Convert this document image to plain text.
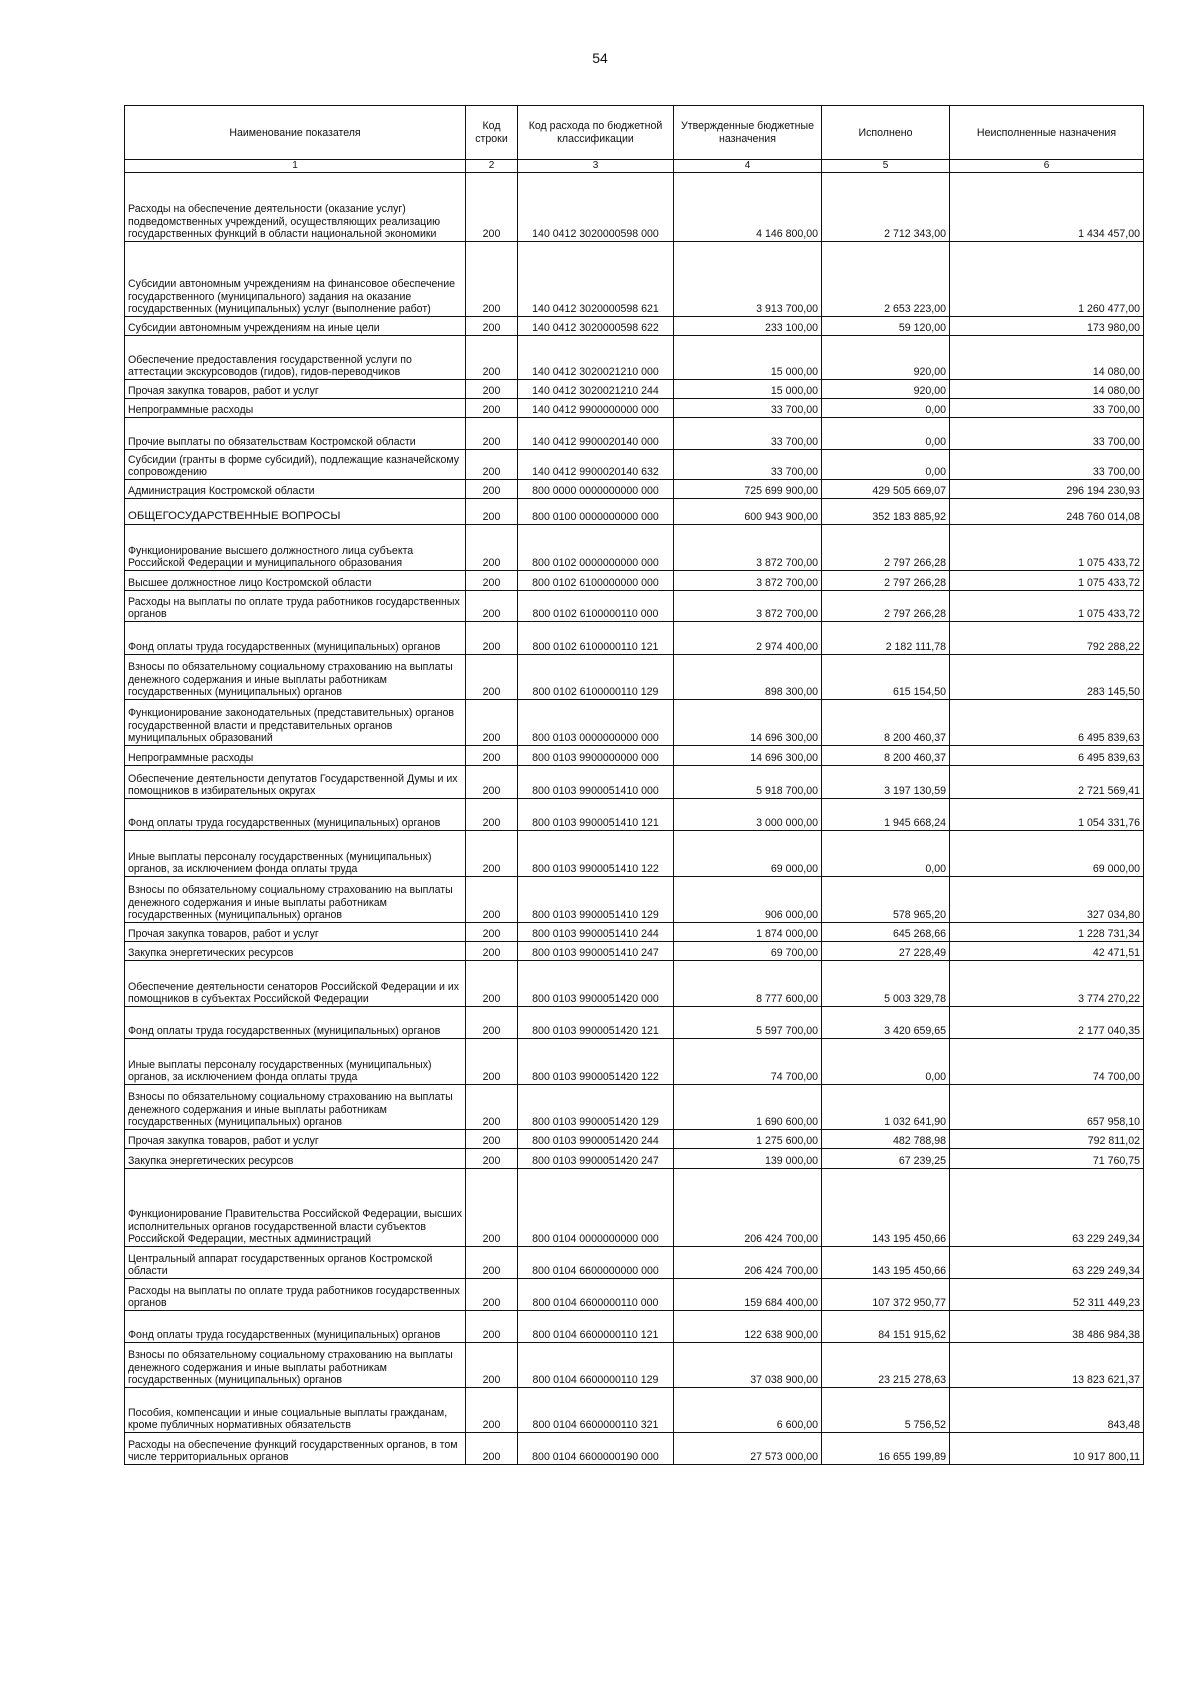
54
Наименование показателя	Код строки	Код расхода по бюджетной классификации	Утвержденные бюджетные назначения	Исполнено	Неисполненные назначения
1	2	3	4	5	6
Расходы на обеспечение деятельности (оказание услуг) подведомственных учреждений, осуществляющих реализацию государственных функций в области национальной экономики	200	140 0412 3020000598 000	4 146 800,00	2 712 343,00	1 434 457,00
Субсидии автономным учреждениям на финансовое обеспечение государственного (муниципального) задания на оказание государственных (муниципальных) услуг (выполнение работ)	200	140 0412 3020000598 621	3 913 700,00	2 653 223,00	1 260 477,00
Субсидии автономным учреждениям на иные цели	200	140 0412 3020000598 622	233 100,00	59 120,00	173 980,00
Обеспечение предоставления государственной услуги по аттестации экскурсоводов (гидов), гидов-переводчиков	200	140 0412 3020021210 000	15 000,00	920,00	14 080,00
Прочая закупка товаров, работ и услуг	200	140 0412 3020021210 244	15 000,00	920,00	14 080,00
Непрограммные расходы	200	140 0412 9900000000 000	33 700,00	0,00	33 700,00
Прочие выплаты по обязательствам Костромской области	200	140 0412 9900020140 000	33 700,00	0,00	33 700,00
Субсидии (гранты в форме субсидий), подлежащие казначейскому сопровождению	200	140 0412 9900020140 632	33 700,00	0,00	33 700,00
Администрация Костромской области	200	800 0000 0000000000 000	725 699 900,00	429 505 669,07	296 194 230,93
ОБЩЕГОСУДАРСТВЕННЫЕ ВОПРОСЫ	200	800 0100 0000000000 000	600 943 900,00	352 183 885,92	248 760 014,08
Функционирование высшего должностного лица субъекта Российской Федерации и муниципального образования	200	800 0102 0000000000 000	3 872 700,00	2 797 266,28	1 075 433,72
Высшее должностное лицо Костромской области	200	800 0102 6100000000 000	3 872 700,00	2 797 266,28	1 075 433,72
Расходы на выплаты по оплате труда работников государственных органов	200	800 0102 6100000110 000	3 872 700,00	2 797 266,28	1 075 433,72
Фонд оплаты труда государственных (муниципальных) органов	200	800 0102 6100000110 121	2 974 400,00	2 182 111,78	792 288,22
Взносы по обязательному социальному страхованию на выплаты денежного содержания и иные выплаты работникам государственных (муниципальных) органов	200	800 0102 6100000110 129	898 300,00	615 154,50	283 145,50
Функционирование законодательных (представительных) органов государственной власти и представительных органов муниципальных образований	200	800 0103 0000000000 000	14 696 300,00	8 200 460,37	6 495 839,63
Непрограммные расходы	200	800 0103 9900000000 000	14 696 300,00	8 200 460,37	6 495 839,63
Обеспечение деятельности депутатов Государственной Думы и их помощников в избирательных округах	200	800 0103 9900051410 000	5 918 700,00	3 197 130,59	2 721 569,41
Фонд оплаты труда государственных (муниципальных) органов	200	800 0103 9900051410 121	3 000 000,00	1 945 668,24	1 054 331,76
Иные выплаты персоналу государственных (муниципальных) органов, за исключением фонда оплаты труда	200	800 0103 9900051410 122	69 000,00	0,00	69 000,00
Взносы по обязательному социальному страхованию на выплаты денежного содержания и иные выплаты работникам государственных (муниципальных) органов	200	800 0103 9900051410 129	906 000,00	578 965,20	327 034,80
Прочая закупка товаров, работ и услуг	200	800 0103 9900051410 244	1 874 000,00	645 268,66	1 228 731,34
Закупка энергетических ресурсов	200	800 0103 9900051410 247	69 700,00	27 228,49	42 471,51
Обеспечение деятельности сенаторов Российской Федерации и их помощников в субъектах Российской Федерации	200	800 0103 9900051420 000	8 777 600,00	5 003 329,78	3 774 270,22
Фонд оплаты труда государственных (муниципальных) органов	200	800 0103 9900051420 121	5 597 700,00	3 420 659,65	2 177 040,35
Иные выплаты персоналу государственных (муниципальных) органов, за исключением фонда оплаты труда	200	800 0103 9900051420 122	74 700,00	0,00	74 700,00
Взносы по обязательному социальному страхованию на выплаты денежного содержания и иные выплаты работникам государственных (муниципальных) органов	200	800 0103 9900051420 129	1 690 600,00	1 032 641,90	657 958,10
Прочая закупка товаров, работ и услуг	200	800 0103 9900051420 244	1 275 600,00	482 788,98	792 811,02
Закупка энергетических ресурсов	200	800 0103 9900051420 247	139 000,00	67 239,25	71 760,75
Функционирование Правительства Российской Федерации, высших исполнительных органов государственной власти субъектов Российской Федерации, местных администраций	200	800 0104 0000000000 000	206 424 700,00	143 195 450,66	63 229 249,34
Центральный аппарат государственных органов Костромской области	200	800 0104 6600000000 000	206 424 700,00	143 195 450,66	63 229 249,34
Расходы на выплаты по оплате труда работников государственных органов	200	800 0104 6600000110 000	159 684 400,00	107 372 950,77	52 311 449,23
Фонд оплаты труда государственных (муниципальных) органов	200	800 0104 6600000110 121	122 638 900,00	84 151 915,62	38 486 984,38
Взносы по обязательному социальному страхованию на выплаты денежного содержания и иные выплаты работникам государственных (муниципальных) органов	200	800 0104 6600000110 129	37 038 900,00	23 215 278,63	13 823 621,37
Пособия, компенсации и иные социальные выплаты гражданам, кроме публичных нормативных обязательств	200	800 0104 6600000110 321	6 600,00	5 756,52	843,48
Расходы на обеспечение функций государственных органов, в том числе территориальных органов	200	800 0104 6600000190 000	27 573 000,00	16 655 199,89	10 917 800,11
